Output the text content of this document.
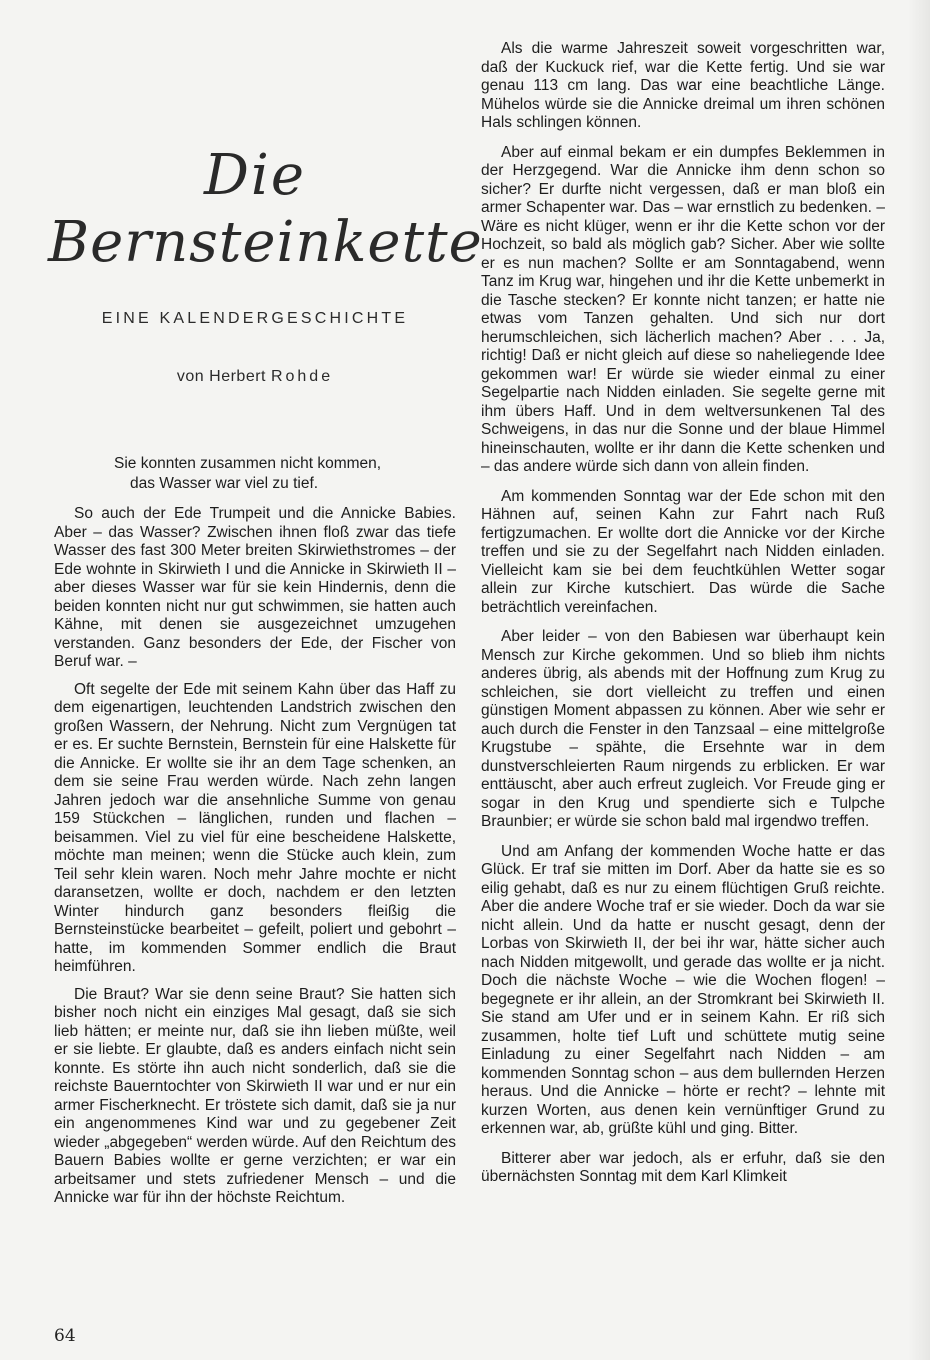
Die
Bernsteinkette
EINE KALENDERGESCHICHTE
von Herbert Rohde
Sie konnten zusammen nicht kommen,
das Wasser war viel zu tief.

So auch der Ede Trumpeit und die Annicke Babies. Aber – das Wasser? Zwischen ihnen floß zwar das tiefe Wasser des fast 300 Meter breiten Skirwiethstromes – der Ede wohnte in Skirwieth I und die Annicke in Skirwieth II – aber dieses Wasser war für sie kein Hindernis, denn die beiden konnten nicht nur gut schwimmen, sie hatten auch Kähne, mit denen sie ausgezeichnet umzugehen verstanden. Ganz besonders der Ede, der Fischer von Beruf war. –

Oft segelte der Ede mit seinem Kahn über das Haff zu dem eigenartigen, leuchtenden Landstrich zwischen den großen Wassern, der Nehrung. Nicht zum Vergnügen tat er es. Er suchte Bernstein, Bernstein für eine Halskette für die Annicke. Er wollte sie ihr an dem Tage schenken, an dem sie seine Frau werden würde. Nach zehn langen Jahren jedoch war die ansehnliche Summe von genau 159 Stückchen – länglichen, runden und flachen – beisammen. Viel zu viel für eine bescheidene Halskette, möchte man meinen; wenn die Stücke auch klein, zum Teil sehr klein waren. Noch mehr Jahre mochte er nicht daransetzen, wollte er doch, nachdem er den letzten Winter hindurch ganz besonders fleißig die Bernsteinstücke bearbeitet – gefeilt, poliert und gebohrt – hatte, im kommenden Sommer endlich die Braut heimführen.

Die Braut? War sie denn seine Braut? Sie hatten sich bisher noch nicht ein einziges Mal gesagt, daß sie sich lieb hätten; er meinte nur, daß sie ihn lieben müßte, weil er sie liebte. Er glaubte, daß es anders einfach nicht sein konnte. Es störte ihn auch nicht sonderlich, daß sie die reichste Bauerntochter von Skirwieth II war und er nur ein armer Fischerknecht. Er tröstete sich damit, daß sie ja nur ein angenommenes Kind war und zu gegebener Zeit wieder „abgegeben“ werden würde. Auf den Reichtum des Bauern Babies wollte er gerne verzichten; er war ein arbeitsamer und stets zufriedener Mensch – und die Annicke war für ihn der höchste Reichtum.

Als die warme Jahreszeit soweit vorgeschritten war, daß der Kuckuck rief, war die Kette fertig. Und sie war genau 113 cm lang. Das war eine beachtliche Länge. Mühelos würde sie die Annicke dreimal um ihren schönen Hals schlingen können.

Aber auf einmal bekam er ein dumpfes Beklemmen in der Herzgegend. War die Annicke ihm denn schon so sicher? Er durfte nicht vergessen, daß er man bloß ein armer Schapenter war. Das – war ernstlich zu bedenken. – Wäre es nicht klüger, wenn er ihr die Kette schon vor der Hochzeit, so bald als möglich gab? Sicher. Aber wie sollte er es nun machen? Sollte er am Sonntagabend, wenn Tanz im Krug war, hingehen und ihr die Kette unbemerkt in die Tasche stecken? Er konnte nicht tanzen; er hatte nie etwas vom Tanzen gehalten. Und sich nur dort herumschleichen, sich lächerlich machen? Aber . . . Ja, richtig! Daß er nicht gleich auf diese so naheliegende Idee gekommen war! Er würde sie wieder einmal zu einer Segelpartie nach Nidden einladen. Sie segelte gerne mit ihm übers Haff. Und in dem weltversunkenen Tal des Schweigens, in das nur die Sonne und der blaue Himmel hineinschauten, wollte er ihr dann die Kette schenken und – das andere würde sich dann von allein finden.

Am kommenden Sonntag war der Ede schon mit den Hähnen auf, seinen Kahn zur Fahrt nach Ruß fertigzumachen. Er wollte dort die Annicke vor der Kirche treffen und sie zu der Segelfahrt nach Nidden einladen. Vielleicht kam sie bei dem feuchtkühlen Wetter sogar allein zur Kirche kutschiert. Das würde die Sache beträchtlich vereinfachen.

Aber leider – von den Babiesen war überhaupt kein Mensch zur Kirche gekommen. Und so blieb ihm nichts anderes übrig, als abends mit der Hoffnung zum Krug zu schleichen, sie dort vielleicht zu treffen und einen günstigen Moment abpassen zu können. Aber wie sehr er auch durch die Fenster in den Tanzsaal – eine mittelgroße Krugstube – spähte, die Ersehnte war in dem dunstverschleierten Raum nirgends zu erblicken. Er war enttäuscht, aber auch erfreut zugleich. Vor Freude ging er sogar in den Krug und spendierte sich e Tulpche Braunbier; er würde sie schon bald mal irgendwo treffen.

Und am Anfang der kommenden Woche hatte er das Glück. Er traf sie mitten im Dorf. Aber da hatte sie es so eilig gehabt, daß es nur zu einem flüchtigen Gruß reichte. Aber die andere Woche traf er sie wieder. Doch da war sie nicht allein. Und da hatte er nuscht gesagt, denn der Lorbas von Skirwieth II, der bei ihr war, hätte sicher auch nach Nidden mitgewollt, und gerade das wollte er ja nicht. Doch die nächste Woche – wie die Wochen flogen! – begegnete er ihr allein, an der Stromkrant bei Skirwieth II. Sie stand am Ufer und er in seinem Kahn. Er riß sich zusammen, holte tief Luft und schüttete mutig seine Einladung zu einer Segelfahrt nach Nidden – am kommenden Sonntag schon – aus dem bullernden Herzen heraus. Und die Annicke – hörte er recht? – lehnte mit kurzen Worten, aus denen kein vernünftiger Grund zu erkennen war, ab, grüßte kühl und ging. Bitter.

Bitterer aber war jedoch, als er erfuhr, daß sie den übernächsten Sonntag mit dem Karl Klimkeit

64
